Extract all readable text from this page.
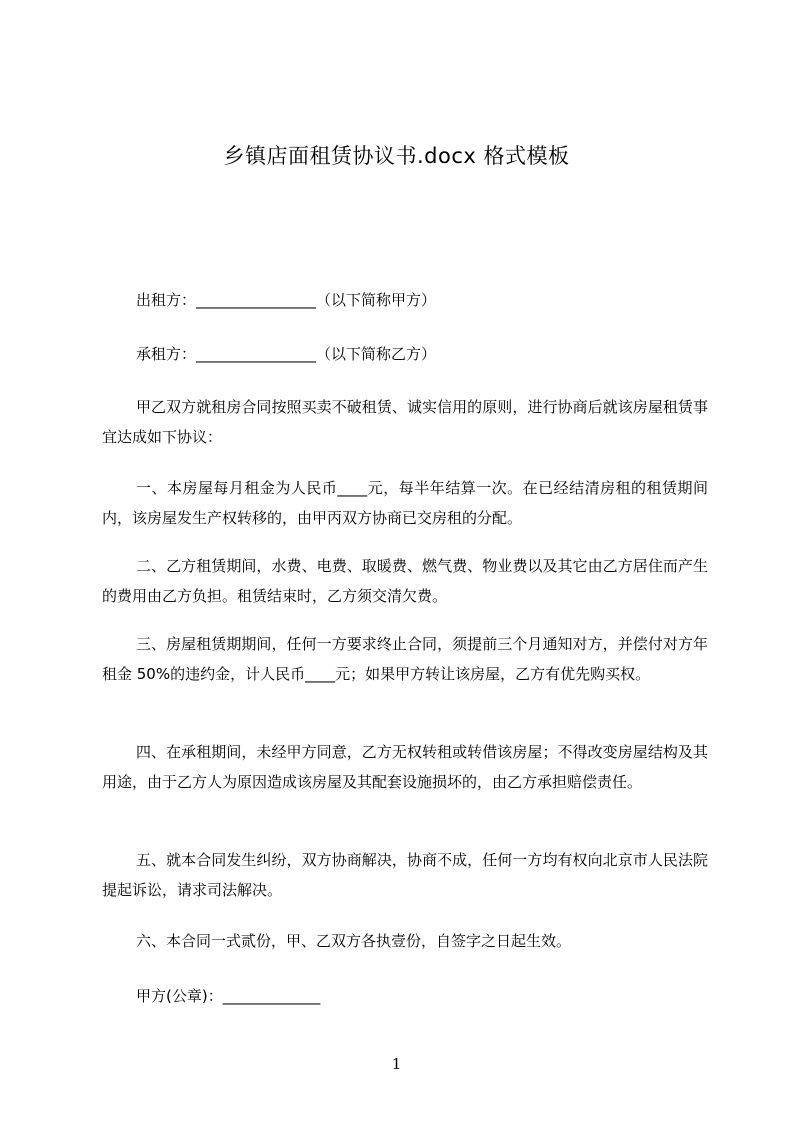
乡镇店面租赁协议书.docx 格式模板
出租方：________________（以下简称甲方）
承租方：________________（以下简称乙方）
甲乙双方就租房合同按照买卖不破租赁、诚实信用的原则，进行协商后就该房屋租赁事宜达成如下协议：
一、本房屋每月租金为人民币____元，每半年结算一次。在已经结清房租的租赁期间内，该房屋发生产权转移的，由甲丙双方协商已交房租的分配。
二、乙方租赁期间，水费、电费、取暖费、燃气费、物业费以及其它由乙方居住而产生的费用由乙方负担。租赁结束时，乙方须交清欠费。
三、房屋租赁期期间，任何一方要求终止合同，须提前三个月通知对方，并偿付对方年租金 50%的违约金，计人民币____元；如果甲方转让该房屋，乙方有优先购买权。
四、在承租期间，未经甲方同意，乙方无权转租或转借该房屋；不得改变房屋结构及其用途，由于乙方人为原因造成该房屋及其配套设施损坏的，由乙方承担赔偿责任。
五、就本合同发生纠纷，双方协商解决，协商不成，任何一方均有权向北京市人民法院提起诉讼，请求司法解决。
六、本合同一式贰份，甲、乙双方各执壹份，自签字之日起生效。
甲方(公章)：_____________
1
